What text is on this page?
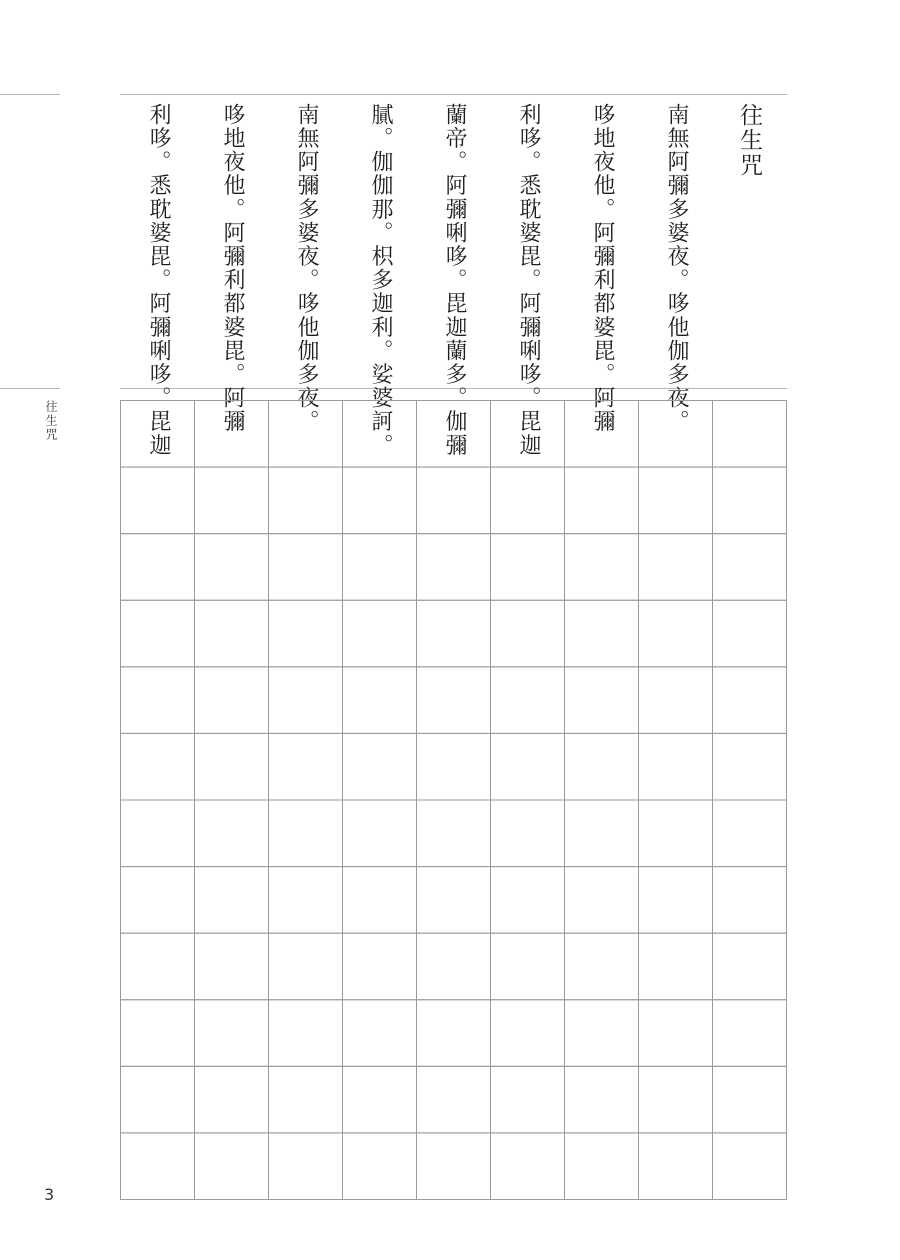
往生咒
南無阿彌多婆夜。哆他伽多夜。
哆地夜他。阿彌利都婆毘。阿彌
利哆。悉耽婆毘。阿彌唎哆。毘迦
蘭帝。阿彌唎哆。毘迦蘭多。伽彌
膩。伽伽那。枳多迦利。娑婆訶。
南無阿彌多婆夜。哆他伽多夜。
哆地夜他。阿彌利都婆毘。阿彌
利哆。悉耽婆毘。阿彌唎哆。毘迦
往生咒
3
